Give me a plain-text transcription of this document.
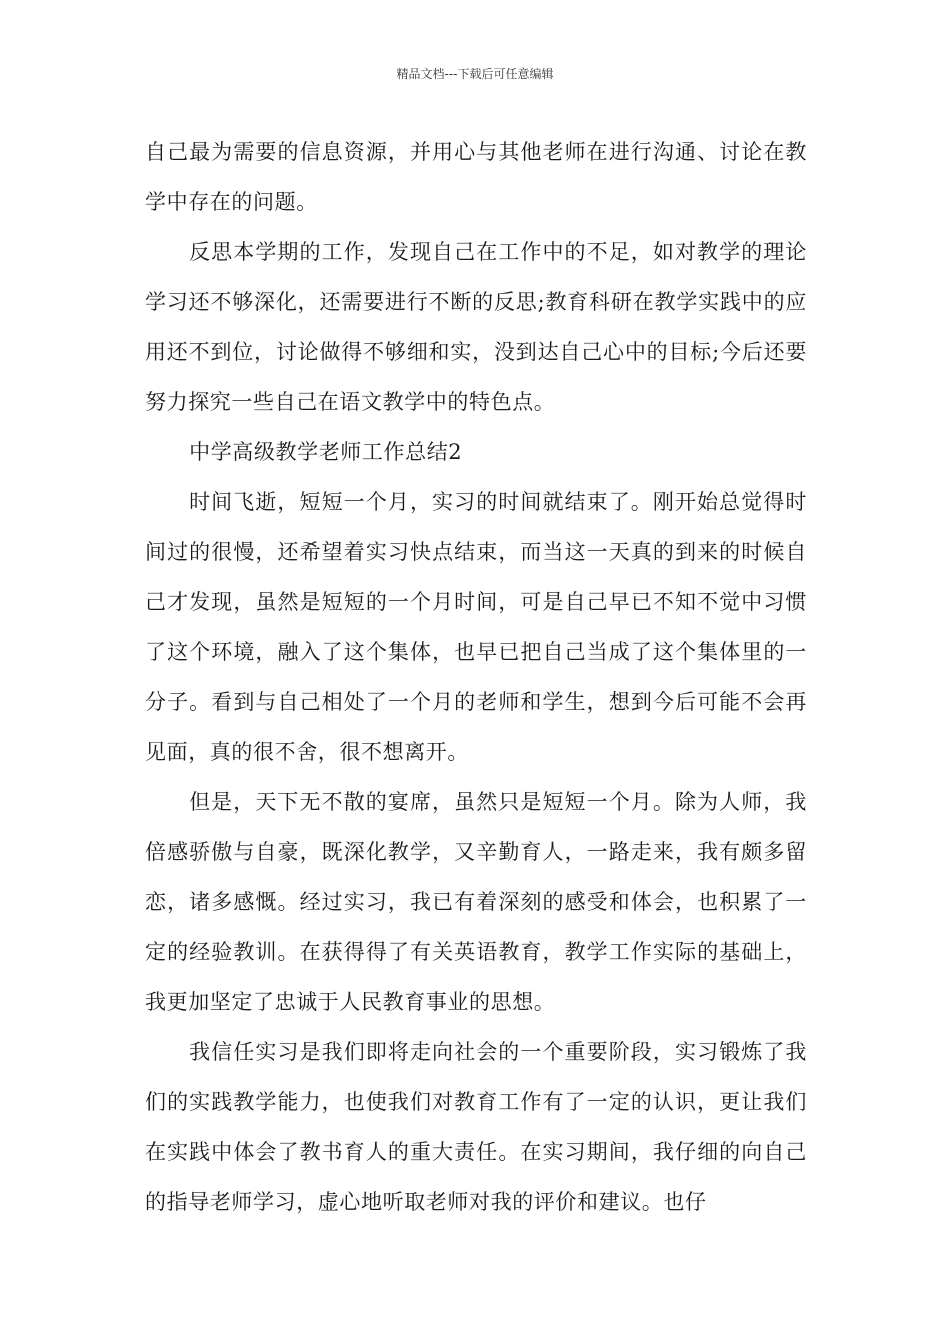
精品文档---下载后可任意编辑

自己最为需要的信息资源，并用心与其他老师在进行沟通、讨论在教学中存在的问题。

反思本学期的工作，发现自己在工作中的不足，如对教学的理论学习还不够深化，还需要进行不断的反思;教育科研在教学实践中的应用还不到位，讨论做得不够细和实，没到达自己心中的目标;今后还要努力探究一些自己在语文教学中的特色点。

中学高级教学老师工作总结2

时间飞逝，短短一个月，实习的时间就结束了。刚开始总觉得时间过的很慢，还希望着实习快点结束，而当这一天真的到来的时候自己才发现，虽然是短短的一个月时间，可是自己早已不知不觉中习惯了这个环境，融入了这个集体，也早已把自己当成了这个集体里的一分子。看到与自己相处了一个月的老师和学生，想到今后可能不会再见面，真的很不舍，很不想离开。

但是，天下无不散的宴席，虽然只是短短一个月。除为人师，我倍感骄傲与自豪，既深化教学，又辛勤育人，一路走来，我有颇多留恋，诸多感慨。经过实习，我已有着深刻的感受和体会，也积累了一定的经验教训。在获得得了有关英语教育，教学工作实际的基础上，我更加坚定了忠诚于人民教育事业的思想。

我信任实习是我们即将走向社会的一个重要阶段，实习锻炼了我们的实践教学能力，也使我们对教育工作有了一定的认识，更让我们在实践中体会了教书育人的重大责任。在实习期间，我仔细的向自己的指导老师学习，虚心地听取老师对我的评价和建议。也仔
